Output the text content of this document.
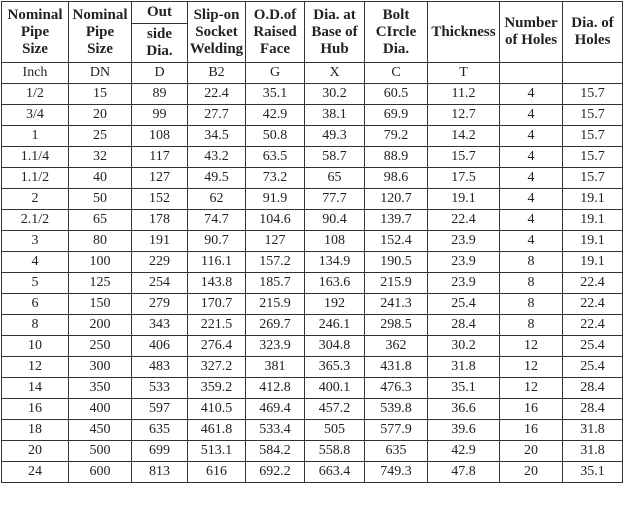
Nominal
Pipe
Size	Nominal
Pipe
Size	Out	Slip-on
Socket
Welding	O.D.of
Raised
Face	Dia. at
Base of
Hub	Bolt
CIrcle
Dia.	Thickness	Number
of Holes	Dia. of
Holes

		side
Dia.							

Inch	DN	D	B2	G	X	C	T		
1/2	15	89	22.4	35.1	30.2	60.5	11.2	4	15.7
3/4	20	99	27.7	42.9	38.1	69.9	12.7	4	15.7
1	25	108	34.5	50.8	49.3	79.2	14.2	4	15.7
1.1/4	32	117	43.2	63.5	58.7	88.9	15.7	4	15.7
1.1/2	40	127	49.5	73.2	65	98.6	17.5	4	15.7
2	50	152	62	91.9	77.7	120.7	19.1	4	19.1
2.1/2	65	178	74.7	104.6	90.4	139.7	22.4	4	19.1
3	80	191	90.7	127	108	152.4	23.9	4	19.1
4	100	229	116.1	157.2	134.9	190.5	23.9	8	19.1
5	125	254	143.8	185.7	163.6	215.9	23.9	8	22.4
6	150	279	170.7	215.9	192	241.3	25.4	8	22.4
8	200	343	221.5	269.7	246.1	298.5	28.4	8	22.4
10	250	406	276.4	323.9	304.8	362	30.2	12	25.4
12	300	483	327.2	381	365.3	431.8	31.8	12	25.4
14	350	533	359.2	412.8	400.1	476.3	35.1	12	28.4
16	400	597	410.5	469.4	457.2	539.8	36.6	16	28.4
18	450	635	461.8	533.4	505	577.9	39.6	16	31.8
20	500	699	513.1	584.2	558.8	635	42.9	20	31.8
24	600	813	616	692.2	663.4	749.3	47.8	20	35.1
